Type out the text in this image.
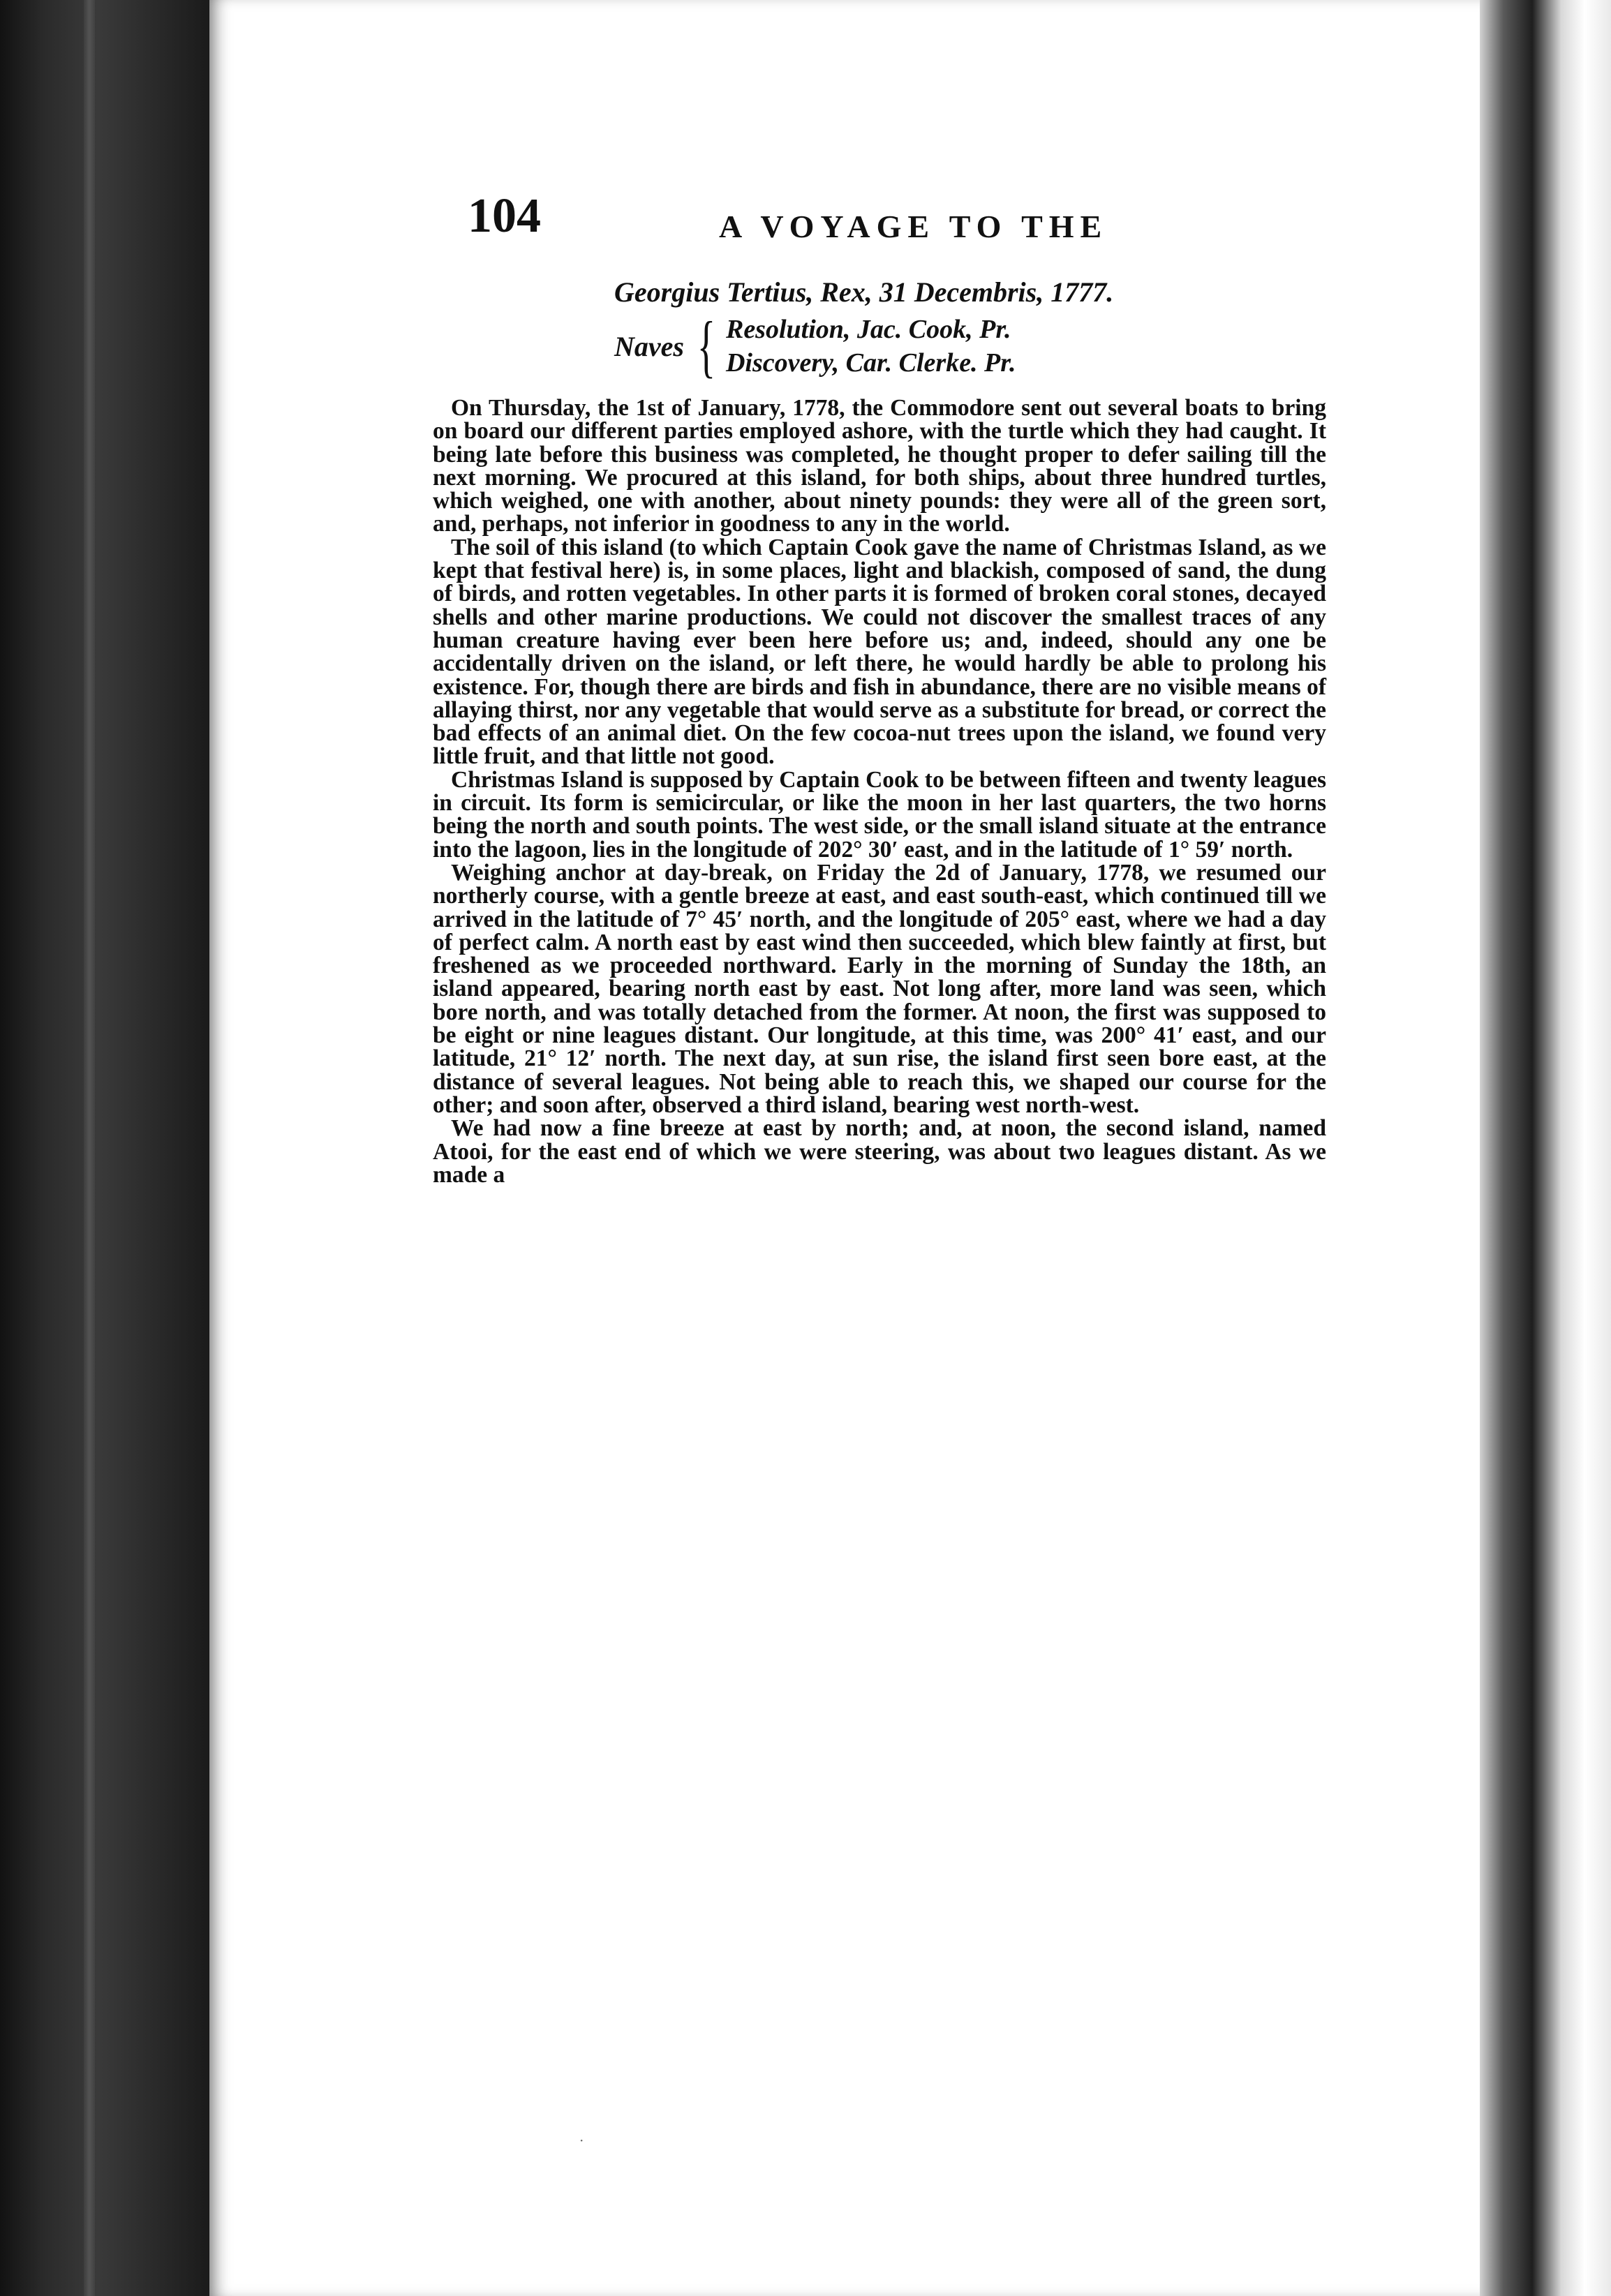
104	A VOYAGE TO THE
Georgius Tertius, Rex, 31 Decembris, 1777.
Naves { Resolution, Jac. Cook, Pr.
Discovery, Car. Clerke. Pr.

On Thursday, the 1st of January, 1778, the Commodore sent out several boats to bring on board our different parties employed ashore, with the turtle which they had caught. It being late before this business was completed, he thought proper to defer sailing till the next morning. We procured at this island, for both ships, about three hundred turtles, which weighed, one with another, about ninety pounds: they were all of the green sort, and, perhaps, not inferior in goodness to any in the world.

The soil of this island (to which Captain Cook gave the name of Christmas Island, as we kept that festival here) is, in some places, light and blackish, composed of sand, the dung of birds, and rotten vegetables. In other parts it is formed of broken coral stones, decayed shells and other marine productions. We could not discover the smallest traces of any human creature having ever been here before us; and, indeed, should any one be accidentally driven on the island, or left there, he would hardly be able to prolong his existence. For, though there are birds and fish in abundance, there are no visible means of allaying thirst, nor any vegetable that would serve as a substitute for bread, or correct the bad effects of an animal diet. On the few cocoa-nut trees upon the island, we found very little fruit, and that little not good.

Christmas Island is supposed by Captain Cook to be between fifteen and twenty leagues in circuit. Its form is semicircular, or like the moon in her last quarters, the two horns being the north and south points. The west side, or the small island situate at the entrance into the lagoon, lies in the longitude of 202° 30′ east, and in the latitude of 1° 59′ north.

Weighing anchor at day-break, on Friday the 2d of January, 1778, we resumed our northerly course, with a gentle breeze at east, and east south-east, which continued till we arrived in the latitude of 7° 45′ north, and the longitude of 205° east, where we had a day of perfect calm. A north east by east wind then succeeded, which blew faintly at first, but freshened as we proceeded northward. Early in the morning of Sunday the 18th, an island appeared, bearing north east by east. Not long after, more land was seen, which bore north, and was totally detached from the former. At noon, the first was supposed to be eight or nine leagues distant. Our longitude, at this time, was 200° 41′ east, and our latitude, 21° 12′ north. The next day, at sun rise, the island first seen bore east, at the distance of several leagues. Not being able to reach this, we shaped our course for the other; and soon after, observed a third island, bearing west north-west.

We had now a fine breeze at east by north; and, at noon, the second island, named Atooi, for the east end of which we were steering, was about two leagues distant. As we made a

·
